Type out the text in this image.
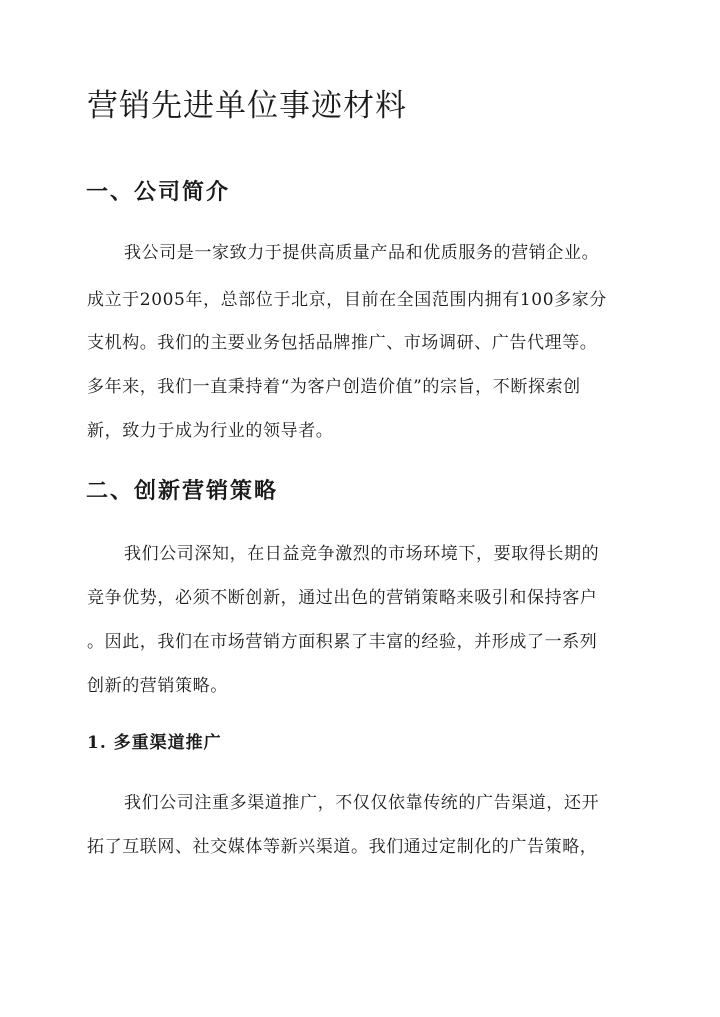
营销先进单位事迹材料
一、公司简介

我公司是一家致力于提供高质量产品和优质服务的营销企业。

成立于2005年，总部位于北京，目前在全国范围内拥有100多家分

支机构。我们的主要业务包括品牌推广、市场调研、广告代理等。

多年来，我们一直秉持着“为客户创造价值”的宗旨，不断探索创

新，致力于成为行业的领导者。

二、创新营销策略

我们公司深知，在日益竞争激烈的市场环境下，要取得长期的

竞争优势，必须不断创新，通过出色的营销策略来吸引和保持客户

。因此，我们在市场营销方面积累了丰富的经验，并形成了一系列

创新的营销策略。

1. 多重渠道推广

我们公司注重多渠道推广，不仅仅依靠传统的广告渠道，还开

拓了互联网、社交媒体等新兴渠道。我们通过定制化的广告策略，
